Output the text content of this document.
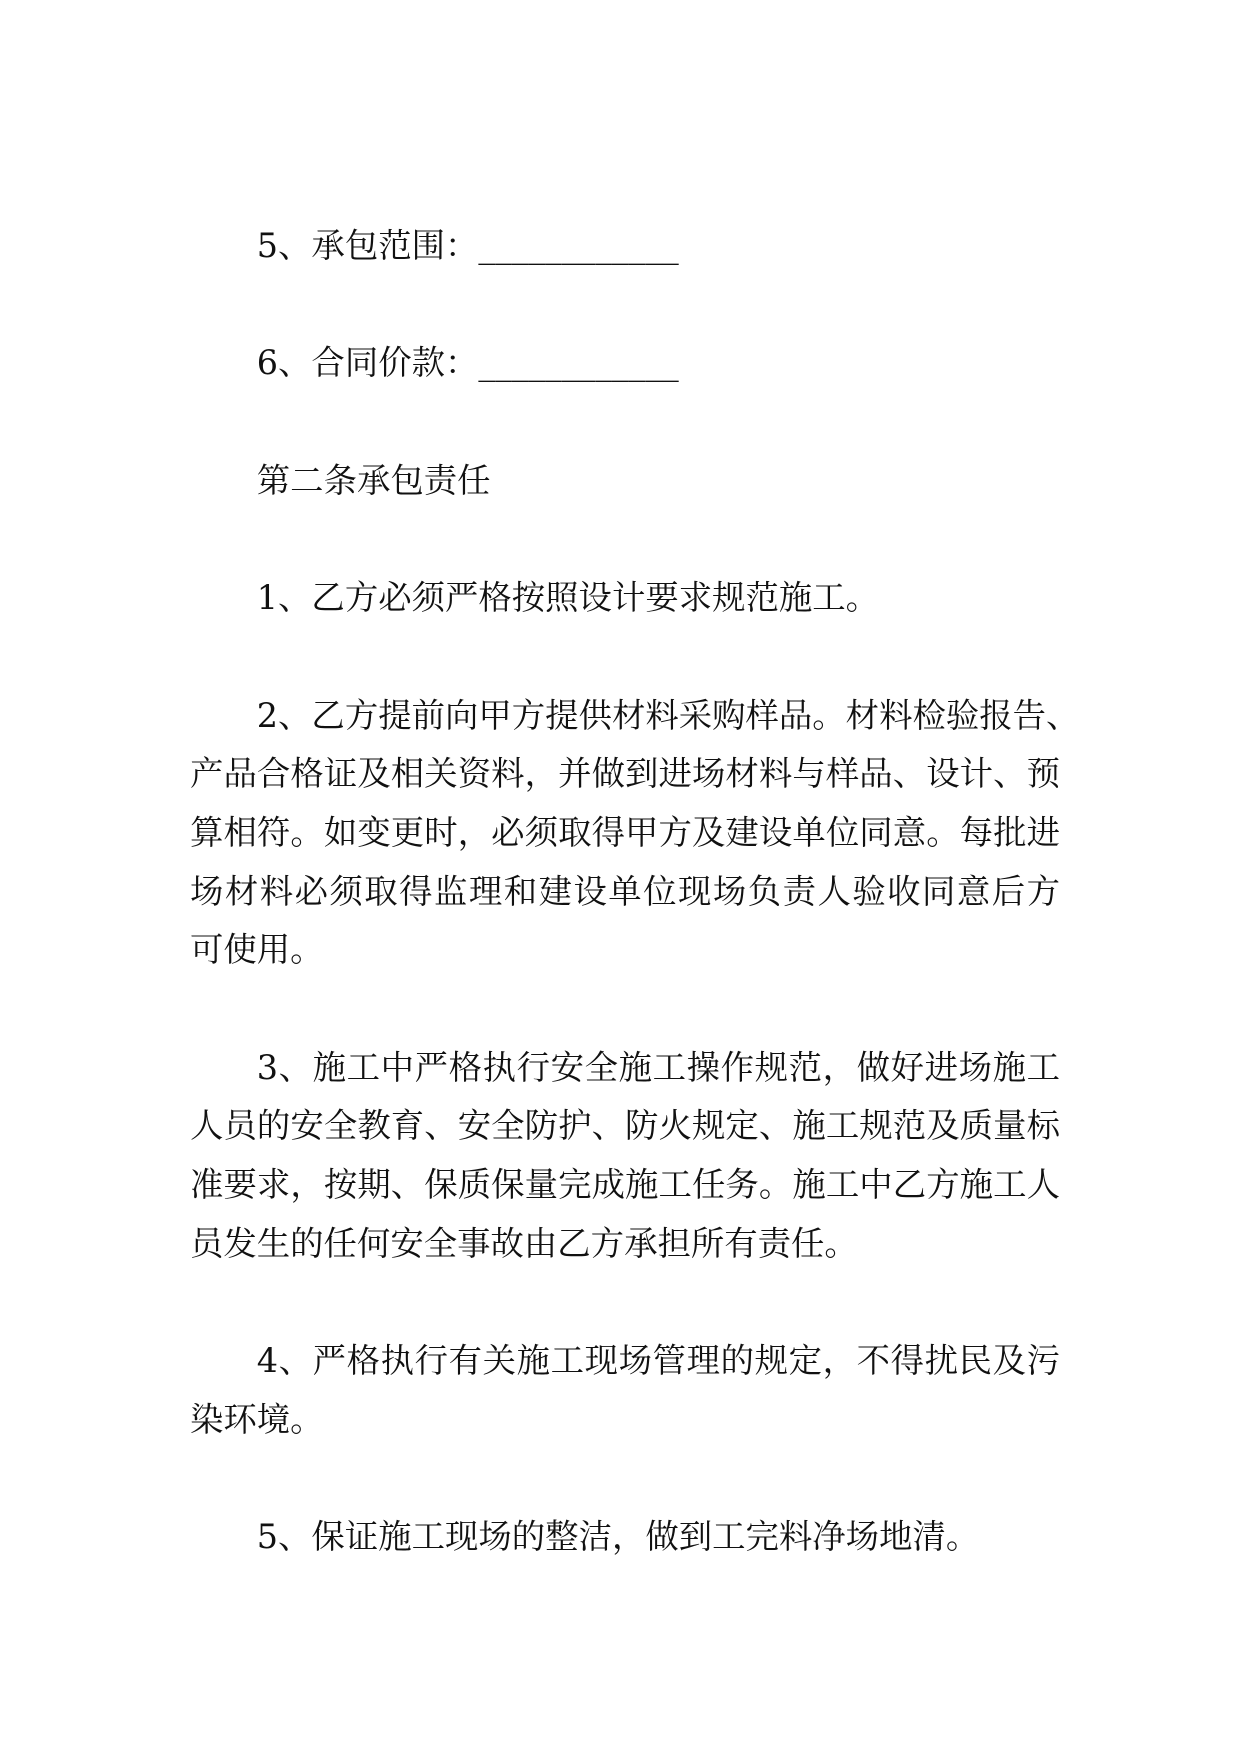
5、承包范围：____________
6、合同价款：____________
第二条承包责任
1、乙方必须严格按照设计要求规范施工。
2、乙方提前向甲方提供材料采购样品。材料检验报告、
产品合格证及相关资料，并做到进场材料与样品、设计、预
算相符。如变更时，必须取得甲方及建设单位同意。每批进
场材料必须取得监理和建设单位现场负责人验收同意后方
可使用。
3、施工中严格执行安全施工操作规范，做好进场施工
人员的安全教育、安全防护、防火规定、施工规范及质量标
准要求，按期、保质保量完成施工任务。施工中乙方施工人
员发生的任何安全事故由乙方承担所有责任。
4、严格执行有关施工现场管理的规定，不得扰民及污
染环境。
5、保证施工现场的整洁，做到工完料净场地清。
